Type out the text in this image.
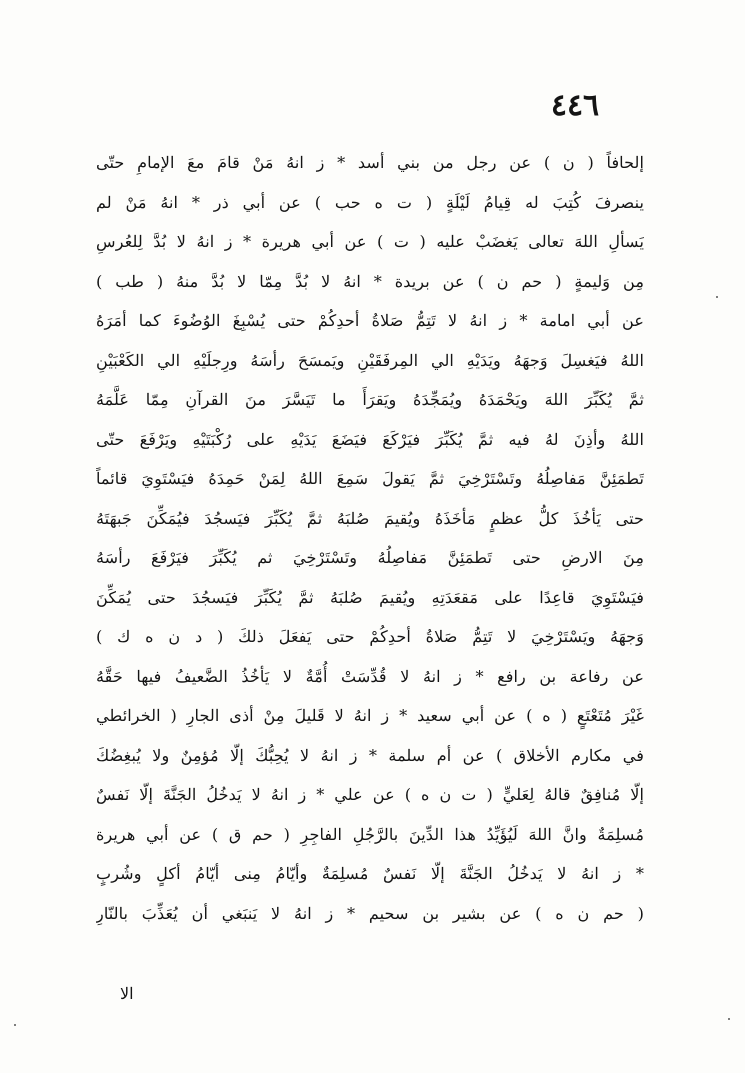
٤٤٦
إلحافاً ( ن ) عن رجل من بني أسد * ز انهُ مَنْ قامَ معَ الإمامِ حتّى
ينصرفَ كُتِبَ له قِيامُ لَيْلَةٍ ( ت ه حب ) عن أبي ذر * انهُ مَنْ لم
يَسألِ اللهَ تعالى يَغضَبْ عليه ( ت ) عن أبي هريرة * ز انهُ لا بُدَّ لِلعُرسِ
مِن وَليمةٍ ( حم ن ) عن بريدة * انهُ لا بُدَّ مِمّا لا بُدَّ منهُ ( طب )
عن أبي امامة * ز انهُ لا تَتِمُّ صَلاةُ أحدِكُمْ حتى يُسْبِغَ الوُضُوءَ كما أمَرَهُ
اللهُ فيَغسِلَ وَجهَهُ ويَدَيْهِ الي المِرفَقَيْنِ ويَمسَحَ رأسَهُ ورِجلَيْهِ الي الكَعْبَيْنِ
ثمَّ يُكَبِّرَ اللهَ ويَحْمَدَهُ ويُمَجِّدَهُ ويَقرَأَ ما تَيَسَّرَ منَ القرآنِ مِمّا عَلَّمَهُ
اللهُ وأذِنَ لهُ فيه ثمَّ يُكَبِّرَ فيَرْكَعَ فيَضَعَ يَدَيْهِ على رُكْبَتَيْهِ ويَرْفَعَ حتّى
تَطمَئِنَّ مَفاصِلُهُ وتَسْتَرْخِيَ ثمَّ يَقولَ سَمِعَ اللهُ لِمَنْ حَمِدَهُ فيَسْتَوِيَ قائماً
حتى يَأخُذَ كلُّ عظمٍ مَأخَذَهُ ويُقيمَ صُلبَهُ ثمَّ يُكَبِّرَ فيَسجُدَ فيُمَكِّنَ جَبهَتَهُ
مِنَ الارضِ حتى تَطمَئِنَّ مَفاصِلُهُ وتَسْتَرْخِيَ ثم يُكَبِّرَ فيَرْفَعَ رأسَهُ
فيَسْتَوِيَ قاعِدًا على مَقعَدَتِهِ ويُقيمَ صُلبَهُ ثمَّ يُكَبِّرَ فيَسجُدَ حتى يُمَكِّنَ
وَجهَهُ ويَسْتَرْخِيَ لا تَتِمُّ صَلاةُ أحدِكُمْ حتى يَفعَلَ ذلكَ ( د ن ه ك )
عن رفاعة بن رافع * ز انهُ لا قُدِّسَتْ أُمَّةٌ لا يَأخُذُ الضَّعيفُ فيها حَقَّهُ
غَيْرَ مُتَعْتَعٍ ( ه ) عن أبي سعيد * ز انهُ لا قَليلَ مِنْ أذى الجارِ ( الخرائطي
في مكارم الأخلاق ) عن أم سلمة * ز انهُ لا يُحِبُّكَ إلّا مُؤمِنٌ ولا يُبغِضُكَ
إلّا مُنافِقٌ قالهُ لِعَليٍّ ( ت ن ه ) عن علي * ز انهُ لا يَدخُلُ الجَنَّةَ إلّا نَفسٌ
مُسلِمَةٌ وانَّ اللهَ لَيُؤَيِّدُ هذا الدِّينَ بالرَّجُلِ الفاجِرِ ( حم ق ) عن أبي هريرة
* ز انهُ لا يَدخُلُ الجَنَّةَ إلّا نَفسٌ مُسلِمَةٌ وأيّامُ مِنى أيّامُ أكلٍ وشُربٍ
( حم ن ه ) عن بشير بن سحيم * ز انهُ لا يَنبَغي أن يُعَذِّبَ بالنّارِ
الا
